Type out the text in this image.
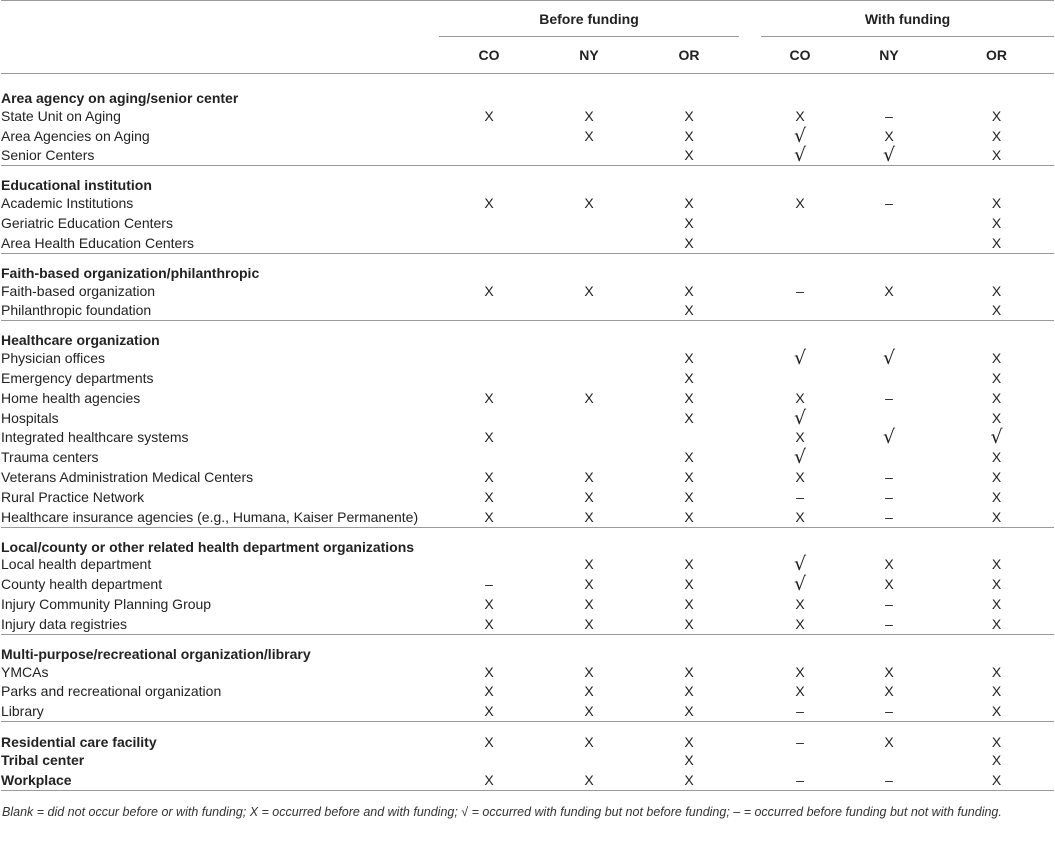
	Before funding				With funding		

	CO	NY	OR		CO	NY	OR
Area agency on aging/senior center							
State Unit on Aging	X	X	X		X	–	X
Area Agencies on Aging		X	X		√	X	X
Senior Centers			X		√	√	X
Educational institution							
Academic Institutions	X	X	X		X	–	X
Geriatric Education Centers			X				X
Area Health Education Centers			X				X
Faith-based organization/philanthropic							
Faith-based organization	X	X	X		–	X	X
Philanthropic foundation			X				X
Healthcare organization							
Physician offices			X		√	√	X
Emergency departments			X				X
Home health agencies	X	X	X		X	–	X
Hospitals			X		√		X
Integrated healthcare systems	X				X	√	√
Trauma centers			X		√		X
Veterans Administration Medical Centers	X	X	X		X	–	X
Rural Practice Network	X	X	X		–	–	X
Healthcare insurance agencies (e.g., Humana, Kaiser Permanente)	X	X	X		X	–	X
Local/county or other related health department organizations							
Local health department		X	X		√	X	X
County health department	–	X	X		√	X	X
Injury Community Planning Group	X	X	X		X	–	X
Injury data registries	X	X	X		X	–	X
Multi-purpose/recreational organization/library							
YMCAs	X	X	X		X	X	X
Parks and recreational organization	X	X	X		X	X	X
Library	X	X	X		–	–	X
Residential care facility	X	X	X		–	X	X
Tribal center			X				X
Workplace	X	X	X		–	–	X
Blank = did not occur before or with funding; X = occurred before and with funding; √ = occurred with funding but not before funding; – = occurred before funding but not with funding.
